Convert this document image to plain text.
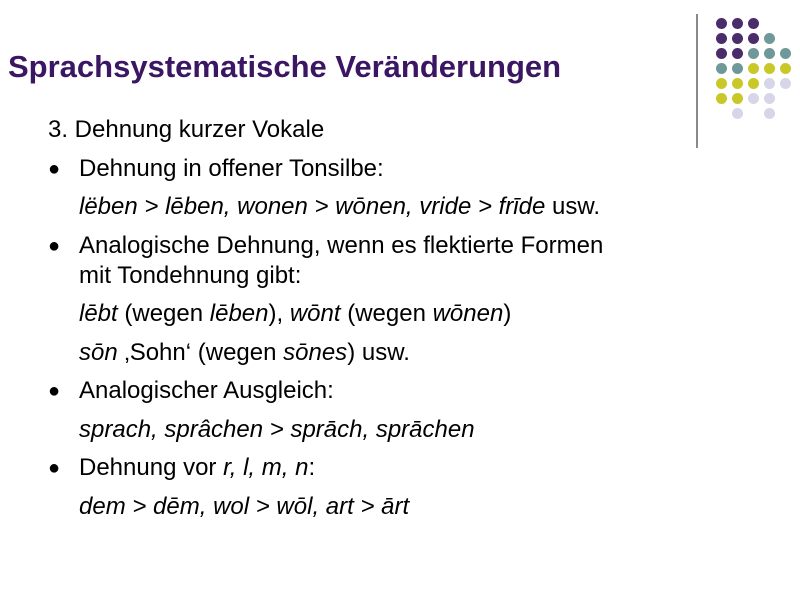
Sprachsystematische Veränderungen
3. Dehnung kurzer Vokale
● Dehnung in offener Tonsilbe:
lëben > lēben, wonen > wōnen, vride > frīde usw.
● Analogische Dehnung, wenn es flektierte Formen
mit Tondehnung gibt:
lēbt (wegen lēben), wōnt (wegen wōnen)
sōn ‚Sohn‘ (wegen sōnes) usw.
● Analogischer Ausgleich:
sprach, sprâchen > sprāch, sprāchen
● Dehnung vor r, l, m, n:
dem > dēm, wol > wōl, art > ārt
